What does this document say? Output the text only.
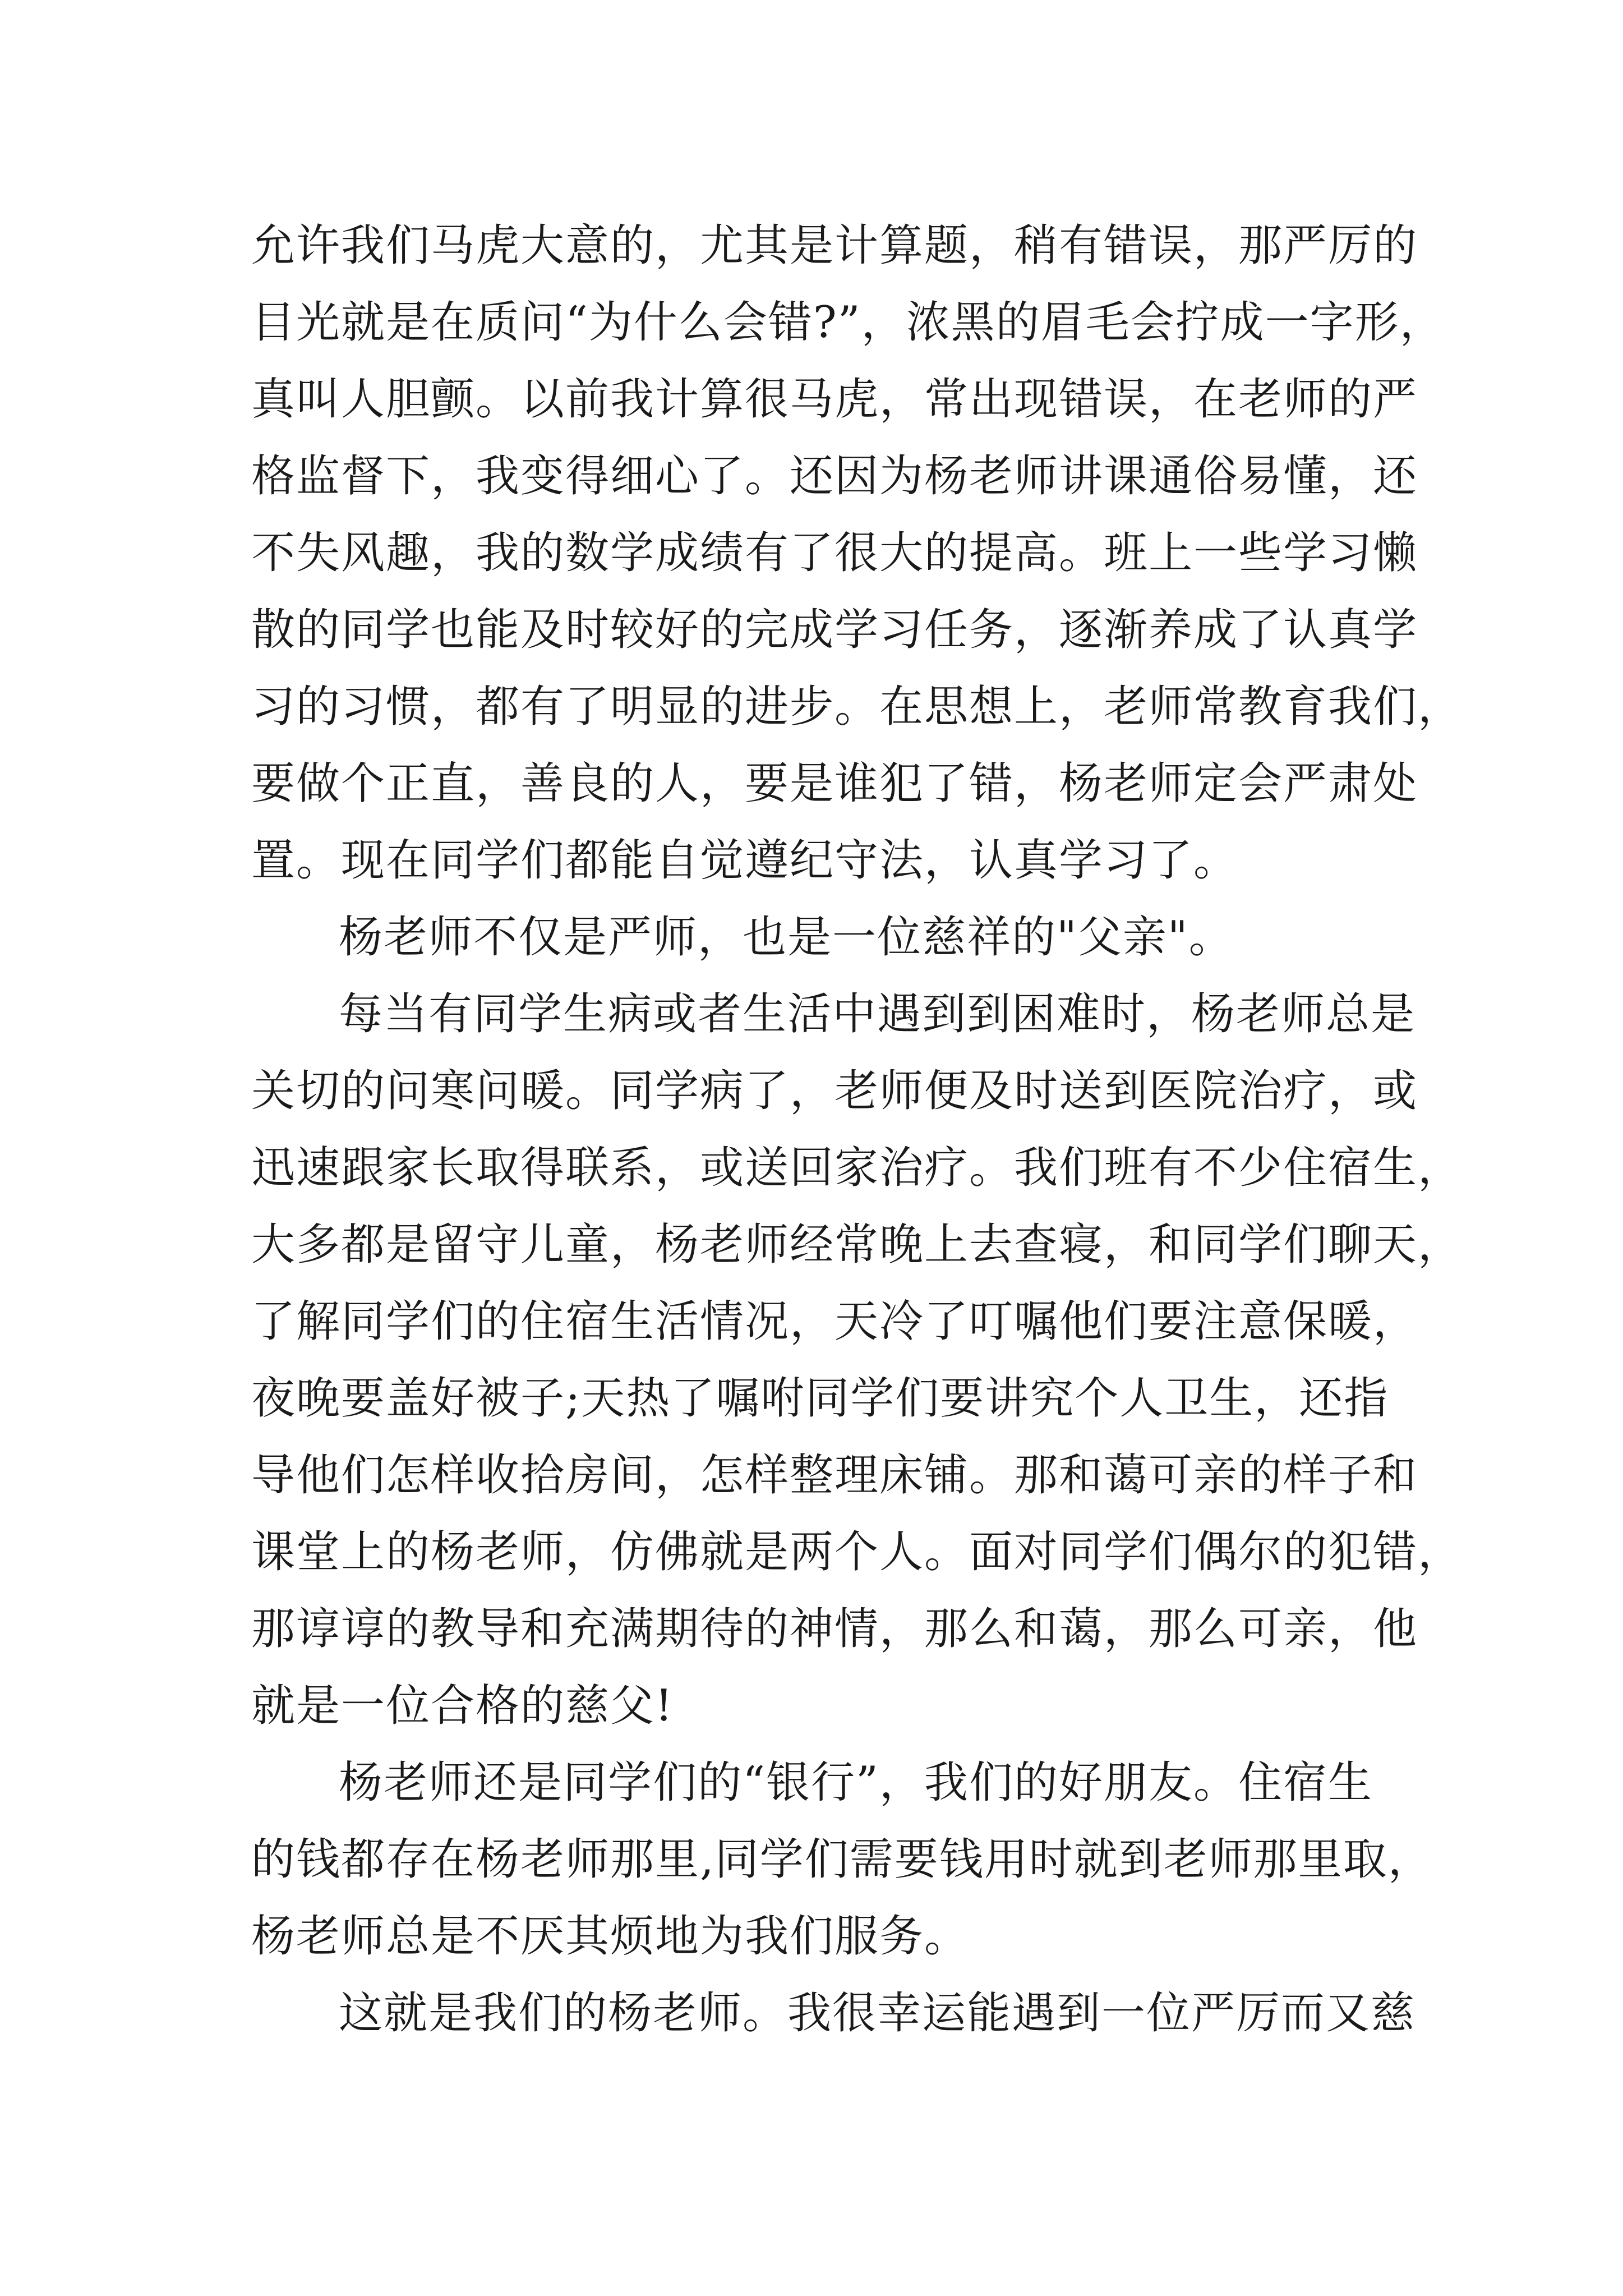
允许我们马虎大意的，尤其是计算题，稍有错误，那严厉的
目光就是在质问“为什么会错?”，浓黑的眉毛会拧成一字形，
真叫人胆颤。以前我计算很马虎，常出现错误，在老师的严
格监督下，我变得细心了。还因为杨老师讲课通俗易懂，还
不失风趣，我的数学成绩有了很大的提高。班上一些学习懒
散的同学也能及时较好的完成学习任务，逐渐养成了认真学
习的习惯，都有了明显的进步。在思想上，老师常教育我们，
要做个正直，善良的人，要是谁犯了错，杨老师定会严肃处
置。现在同学们都能自觉遵纪守法，认真学习了。

杨老师不仅是严师，也是一位慈祥的"父亲"。

每当有同学生病或者生活中遇到到困难时，杨老师总是
关切的问寒问暖。同学病了，老师便及时送到医院治疗，或
迅速跟家长取得联系，或送回家治疗。我们班有不少住宿生，
大多都是留守儿童，杨老师经常晚上去查寝，和同学们聊天，
了解同学们的住宿生活情况，天冷了叮嘱他们要注意保暖，
夜晚要盖好被子;天热了嘱咐同学们要讲究个人卫生，还指
导他们怎样收拾房间，怎样整理床铺。那和蔼可亲的样子和
课堂上的杨老师，仿佛就是两个人。面对同学们偶尔的犯错，
那谆谆的教导和充满期待的神情，那么和蔼，那么可亲，他
就是一位合格的慈父!

杨老师还是同学们的“银行”，我们的好朋友。住宿生
的钱都存在杨老师那里,同学们需要钱用时就到老师那里取，
杨老师总是不厌其烦地为我们服务。

这就是我们的杨老师。我很幸运能遇到一位严厉而又慈
